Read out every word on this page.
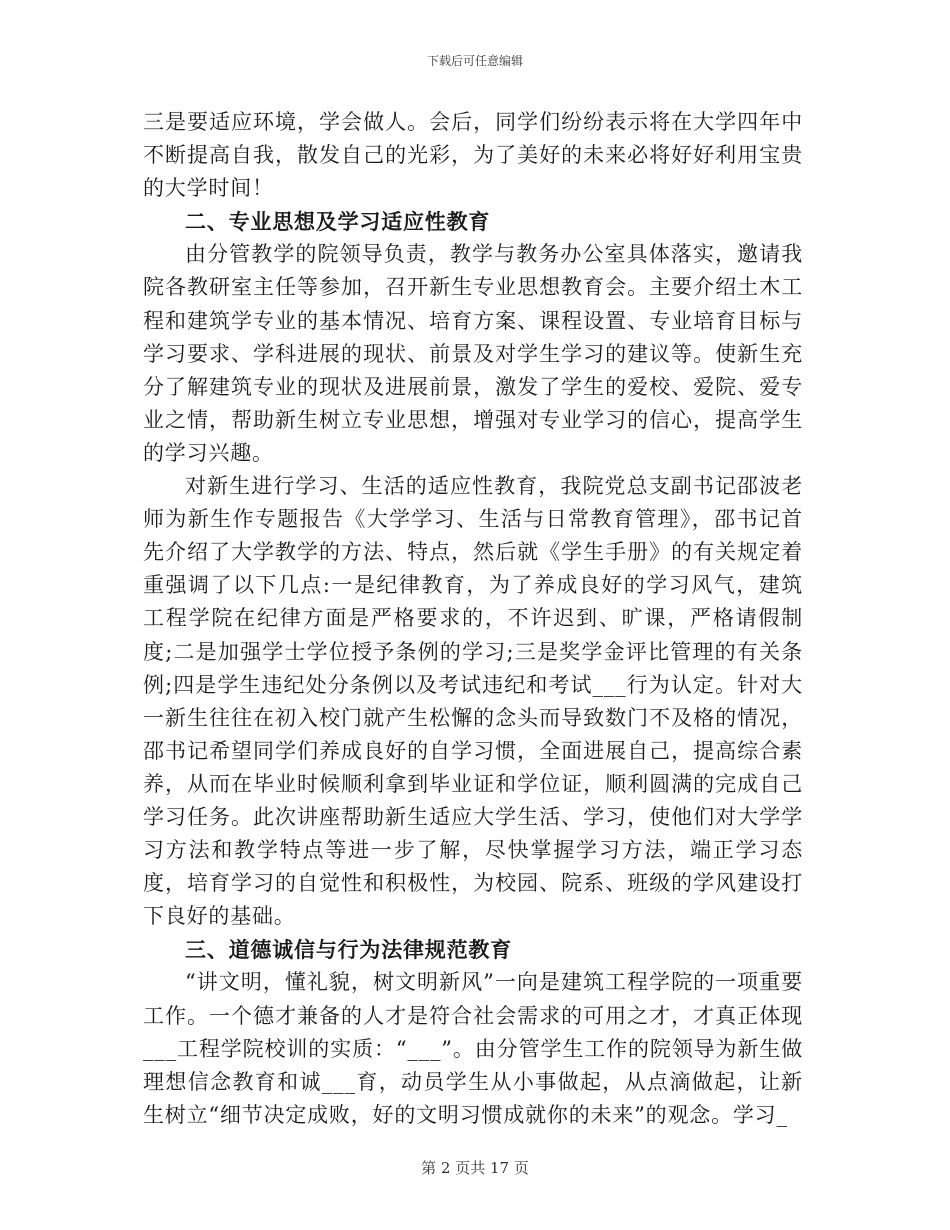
下载后可任意编辑

三是要适应环境，学会做人。会后，同学们纷纷表示将在大学四年中不断提高自我，散发自己的光彩，为了美好的未来必将好好利用宝贵的大学时间！

二、专业思想及学习适应性教育

由分管教学的院领导负责，教学与教务办公室具体落实，邀请我院各教研室主任等参加，召开新生专业思想教育会。主要介绍土木工程和建筑学专业的基本情况、培育方案、课程设置、专业培育目标与学习要求、学科进展的现状、前景及对学生学习的建议等。使新生充分了解建筑专业的现状及进展前景，激发了学生的爱校、爱院、爱专业之情，帮助新生树立专业思想，增强对专业学习的信心，提高学生的学习兴趣。

对新生进行学习、生活的适应性教育，我院党总支副书记邵波老师为新生作专题报告《大学学习、生活与日常教育管理》，邵书记首先介绍了大学教学的方法、特点，然后就《学生手册》的有关规定着重强调了以下几点:一是纪律教育，为了养成良好的学习风气，建筑工程学院在纪律方面是严格要求的，不许迟到、旷课，严格请假制度;二是加强学士学位授予条例的学习;三是奖学金评比管理的有关条例;四是学生违纪处分条例以及考试违纪和考试___行为认定。针对大一新生往往在初入校门就产生松懈的念头而导致数门不及格的情况，邵书记希望同学们养成良好的自学习惯，全面进展自己，提高综合素养，从而在毕业时候顺利拿到毕业证和学位证，顺利圆满的完成自己学习任务。此次讲座帮助新生适应大学生活、学习，使他们对大学学习方法和教学特点等进一步了解，尽快掌握学习方法，端正学习态度，培育学习的自觉性和积极性，为校园、院系、班级的学风建设打下良好的基础。

三、道德诚信与行为法律规范教育

“讲文明，懂礼貌，树文明新风”一向是建筑工程学院的一项重要工作。一个德才兼备的人才是符合社会需求的可用之才，才真正体现___工程学院校训的实质：“___”。由分管学生工作的院领导为新生做理想信念教育和诚___育，动员学生从小事做起，从点滴做起，让新生树立“细节决定成败，好的文明习惯成就你的未来”的观念。学习_

第 2 页共 17 页
